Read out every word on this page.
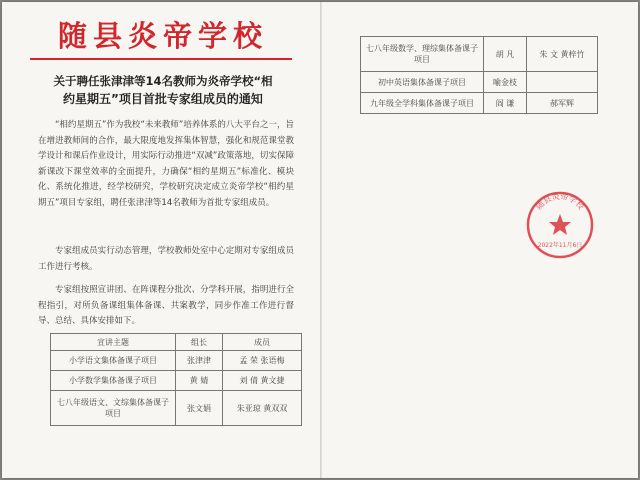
随县炎帝学校
关于聘任张津津等14名教师为炎帝学校“相
约星期五”项目首批专家组成员的通知

“相约星期五”作为我校“未来教师”培养体系的八大平台之一，旨在增进教师间的合作，最大限度地发挥集体智慧，强化和规范课堂教学设计和课后作业设计，用实际行动推进“双减”政策落地，切实保障新课改下课堂效率的全面提升，力确保“相约星期五”标准化、模块化、系统化推进，经学校研究，学校研究决定成立炎帝学校“相约星期五”项目专家组，聘任张津津等14名教师为首批专家组成员。

专家组成员实行动态管理，学校教师处室中心定期对专家组成员工作进行考核。

专家组按照宣讲团、在阵课程分批次、分学科开展，指明进行全程指引，对所负备课组集体备课、共案教学，同步作准工作进行督导、总结、具体安排如下。

宣讲主题	组长	成员
小学语文集体备课子项目	张津津	孟 荣 张语梅
小学数学集体备课子项目	黄 婧	刘 倩 黄文捷
七八年级语文、文综集体备课子项目	张文娟	朱亚琼 黄双双
七八年级数学、理综集体备课子项目	胡 凡	朱 文 黄梓竹
初中英语集体备课子项目	喻金枝	
九年级全学科集体备课子项目	阎 谦	郝军辉
随县炎帝学校
2022年11月6日
